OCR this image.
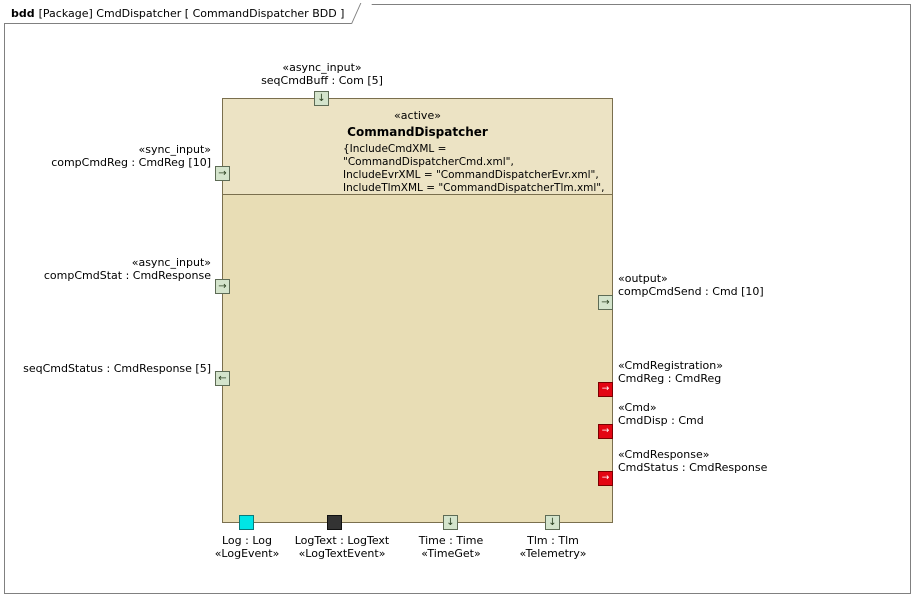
bdd [Package] CmdDispatcher [ CommandDispatcher BDD ]
«active»
CommandDispatcher
{IncludeCmdXML = "CommandDispatcherCmd.xml",
IncludeEvrXML = "CommandDispatcherEvr.xml",
IncludeTlmXML = "CommandDispatcherTlm.xml",
↓
«async_input»
seqCmdBuff : Com [5]
→
«sync_input»
compCmdReg : CmdReg [10]
→
«async_input»
compCmdStat : CmdResponse
←
seqCmdStatus : CmdResponse [5]
→
«output»
compCmdSend : Cmd [10]
→
«CmdRegistration»
CmdReg : CmdReg
→
«Cmd»
CmdDisp : Cmd
→
«CmdResponse»
CmdStatus : CmdResponse
Log : Log
«LogEvent»
LogText : LogText
«LogTextEvent»
↓
Time : Time
«TimeGet»
↓
Tlm : Tlm
«Telemetry»
